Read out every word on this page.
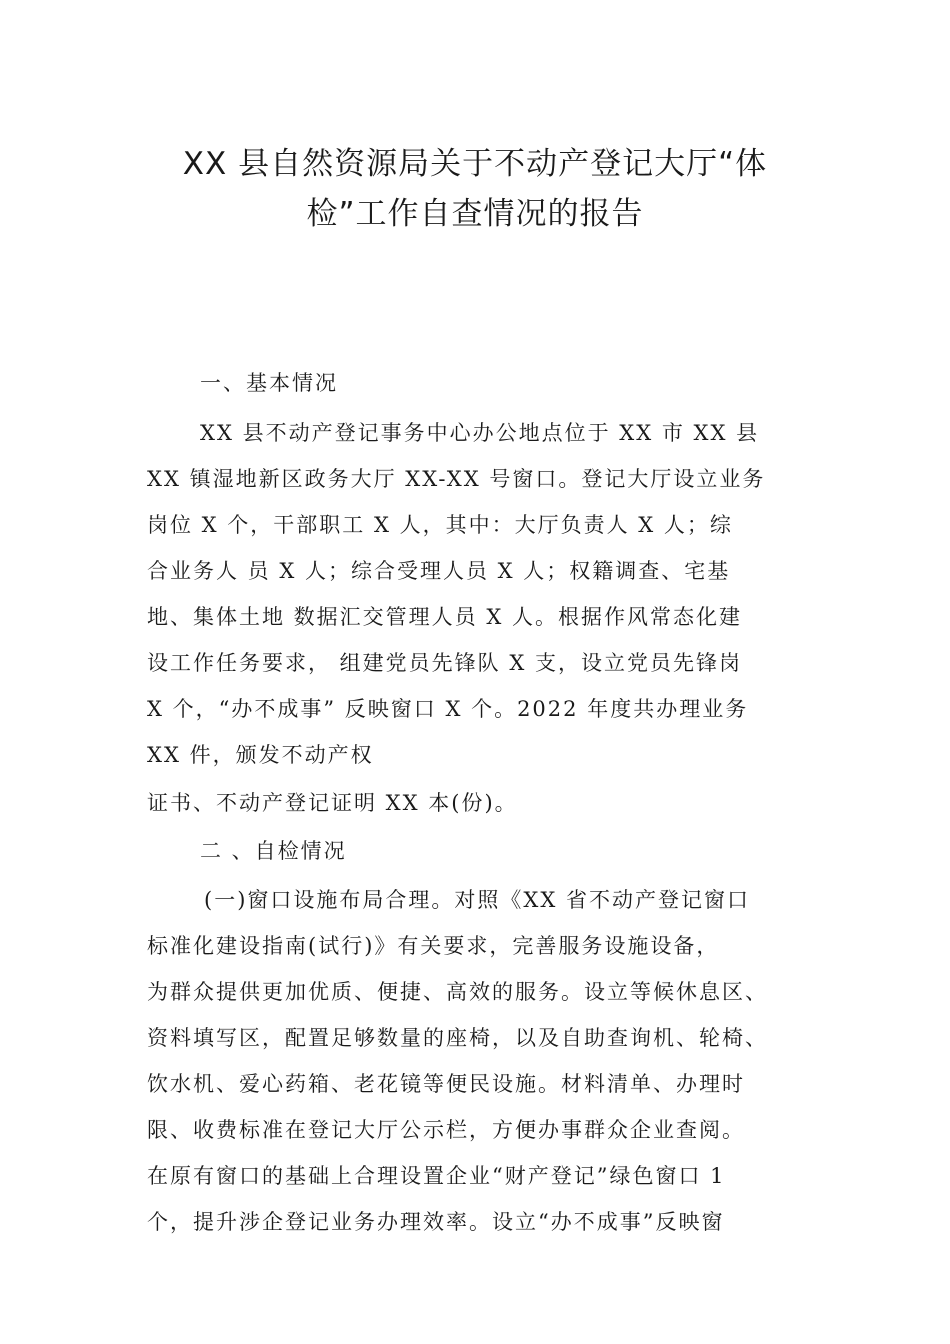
XX 县自然资源局关于不动产登记大厅“体
检”工作自查情况的报告
一、基本情况
XX 县不动产登记事务中心办公地点位于 XX 市 XX 县
XX 镇湿地新区政务大厅 XX-XX 号窗口。登记大厅设立业务
岗位 X 个，干部职工 X 人，其中：大厅负责人 X 人；综
合业务人 员 X 人；综合受理人员 X 人；权籍调查、宅基
地、集体土地 数据汇交管理人员 X 人。根据作风常态化建
设工作任务要求， 组建党员先锋队 X 支，设立党员先锋岗
X 个，“办不成事” 反映窗口 X 个。2022 年度共办理业务
XX 件，颁发不动产权
证书、不动产登记证明 XX 本(份)。
二 、自检情况
(一)窗口设施布局合理。对照《XX 省不动产登记窗口
标准化建设指南(试行)》有关要求，完善服务设施设备，
为群众提供更加优质、便捷、高效的服务。设立等候休息区、
资料填写区，配置足够数量的座椅，以及自助查询机、轮椅、
饮水机、爱心药箱、老花镜等便民设施。材料清单、办理时
限、收费标准在登记大厅公示栏，方便办事群众企业查阅。
在原有窗口的基础上合理设置企业“财产登记”绿色窗口 1
个，提升涉企登记业务办理效率。设立“办不成事”反映窗
